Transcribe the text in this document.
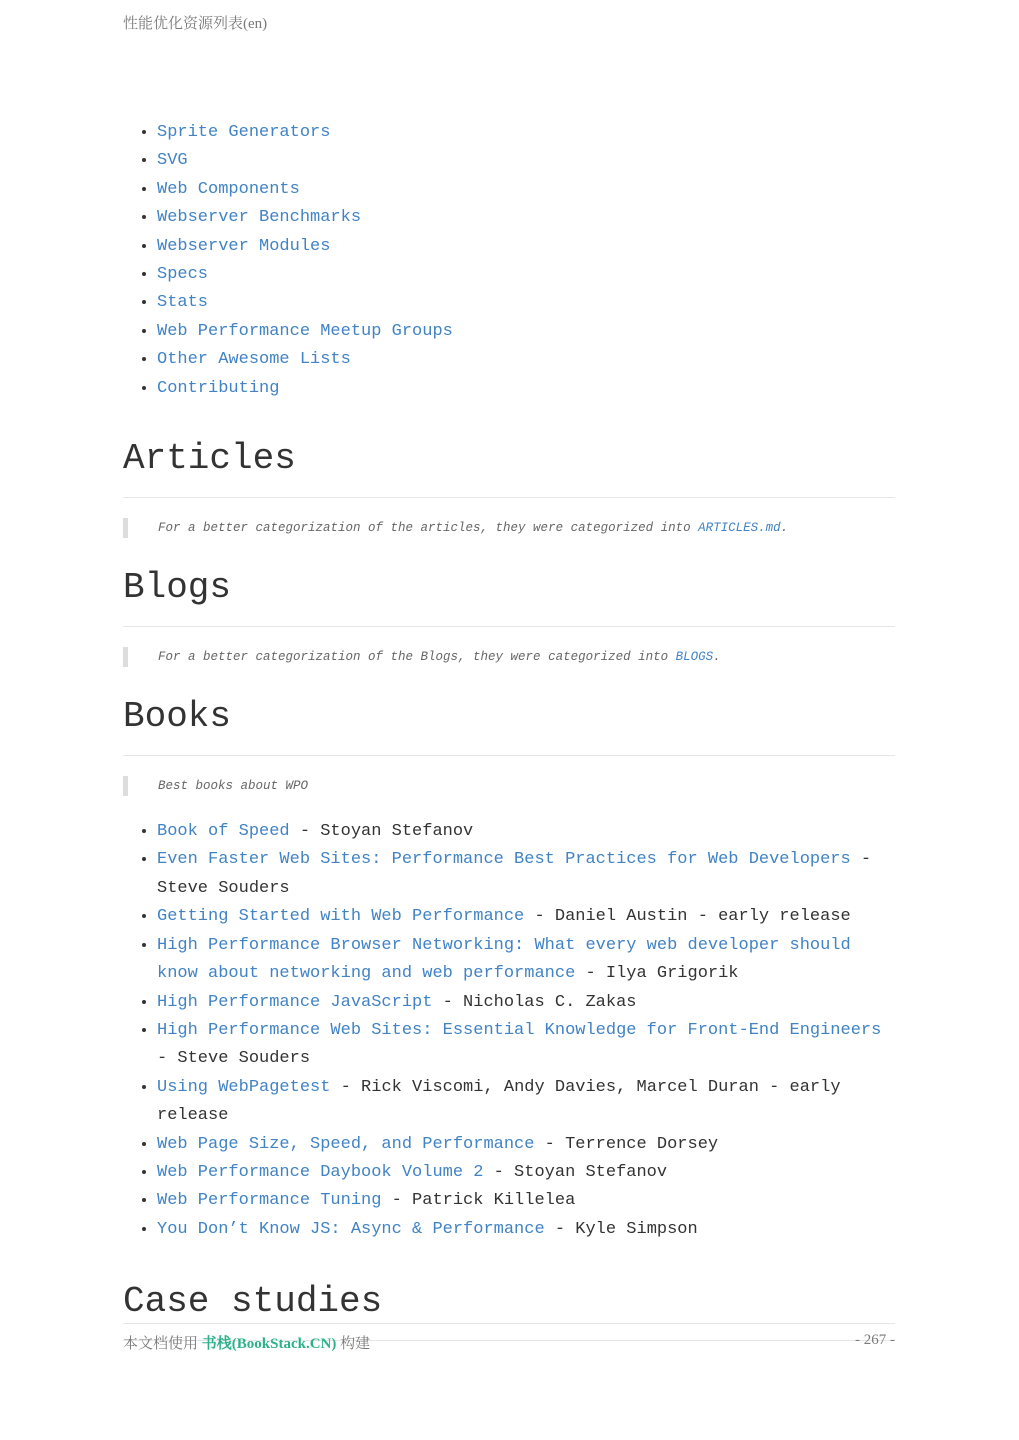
性能优化资源列表(en)
• Sprite Generators
• SVG
• Web Components
• Webserver Benchmarks
• Webserver Modules
• Specs
• Stats
• Web Performance Meetup Groups
• Other Awesome Lists
• Contributing
Articles
For a better categorization of the articles, they were categorized into ARTICLES.md.
Blogs
For a better categorization of the Blogs, they were categorized into BLOGS.
Books
Best books about WPO
• Book of Speed - Stoyan Stefanov
• Even Faster Web Sites: Performance Best Practices for Web Developers - Steve Souders
• Getting Started with Web Performance - Daniel Austin - early release
• High Performance Browser Networking: What every web developer should know about networking and web performance - Ilya Grigorik
• High Performance JavaScript - Nicholas C. Zakas
• High Performance Web Sites: Essential Knowledge for Front-End Engineers - Steve Souders
• Using WebPagetest - Rick Viscomi, Andy Davies, Marcel Duran - early release
• Web Page Size, Speed, and Performance - Terrence Dorsey
• Web Performance Daybook Volume 2 - Stoyan Stefanov
• Web Performance Tuning - Patrick Killelea
• You Don’t Know JS: Async & Performance - Kyle Simpson
Case studies
本文档使用 书栈(BookStack.CN) 构建	- 267 -
